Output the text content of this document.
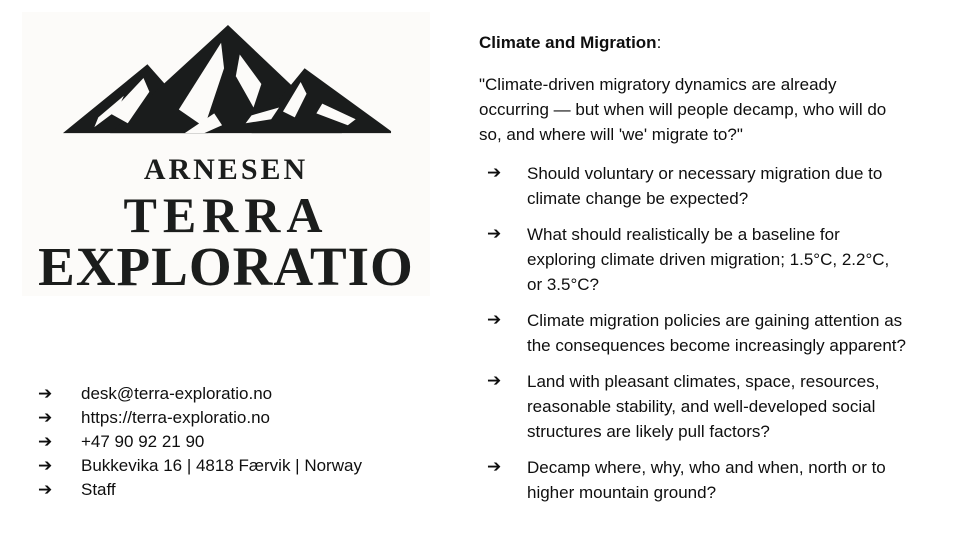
ARNESEN
TERRA
EXPLORATIO
➔	desk@terra-exploratio.no
➔	https://terra-exploratio.no
➔	+47 90 92 21 90
➔	Bukkevika 16 | 4818 Færvik | Norway
➔	Staff
Climate and Migration:
"Climate-driven migratory dynamics are already
occurring — but when will people decamp, who will do
so, and where will 'we' migrate to?"
➔	Should voluntary or necessary migration due to
climate change be expected?
➔	What should realistically be a baseline for
exploring climate driven migration; 1.5°C, 2.2°C,
or 3.5°C?
➔	Climate migration policies are gaining attention as
the consequences become increasingly apparent?
➔	Land with pleasant climates, space, resources,
reasonable stability, and well-developed social
structures are likely pull factors?
➔	Decamp where, why, who and when, north or to
higher mountain ground?
